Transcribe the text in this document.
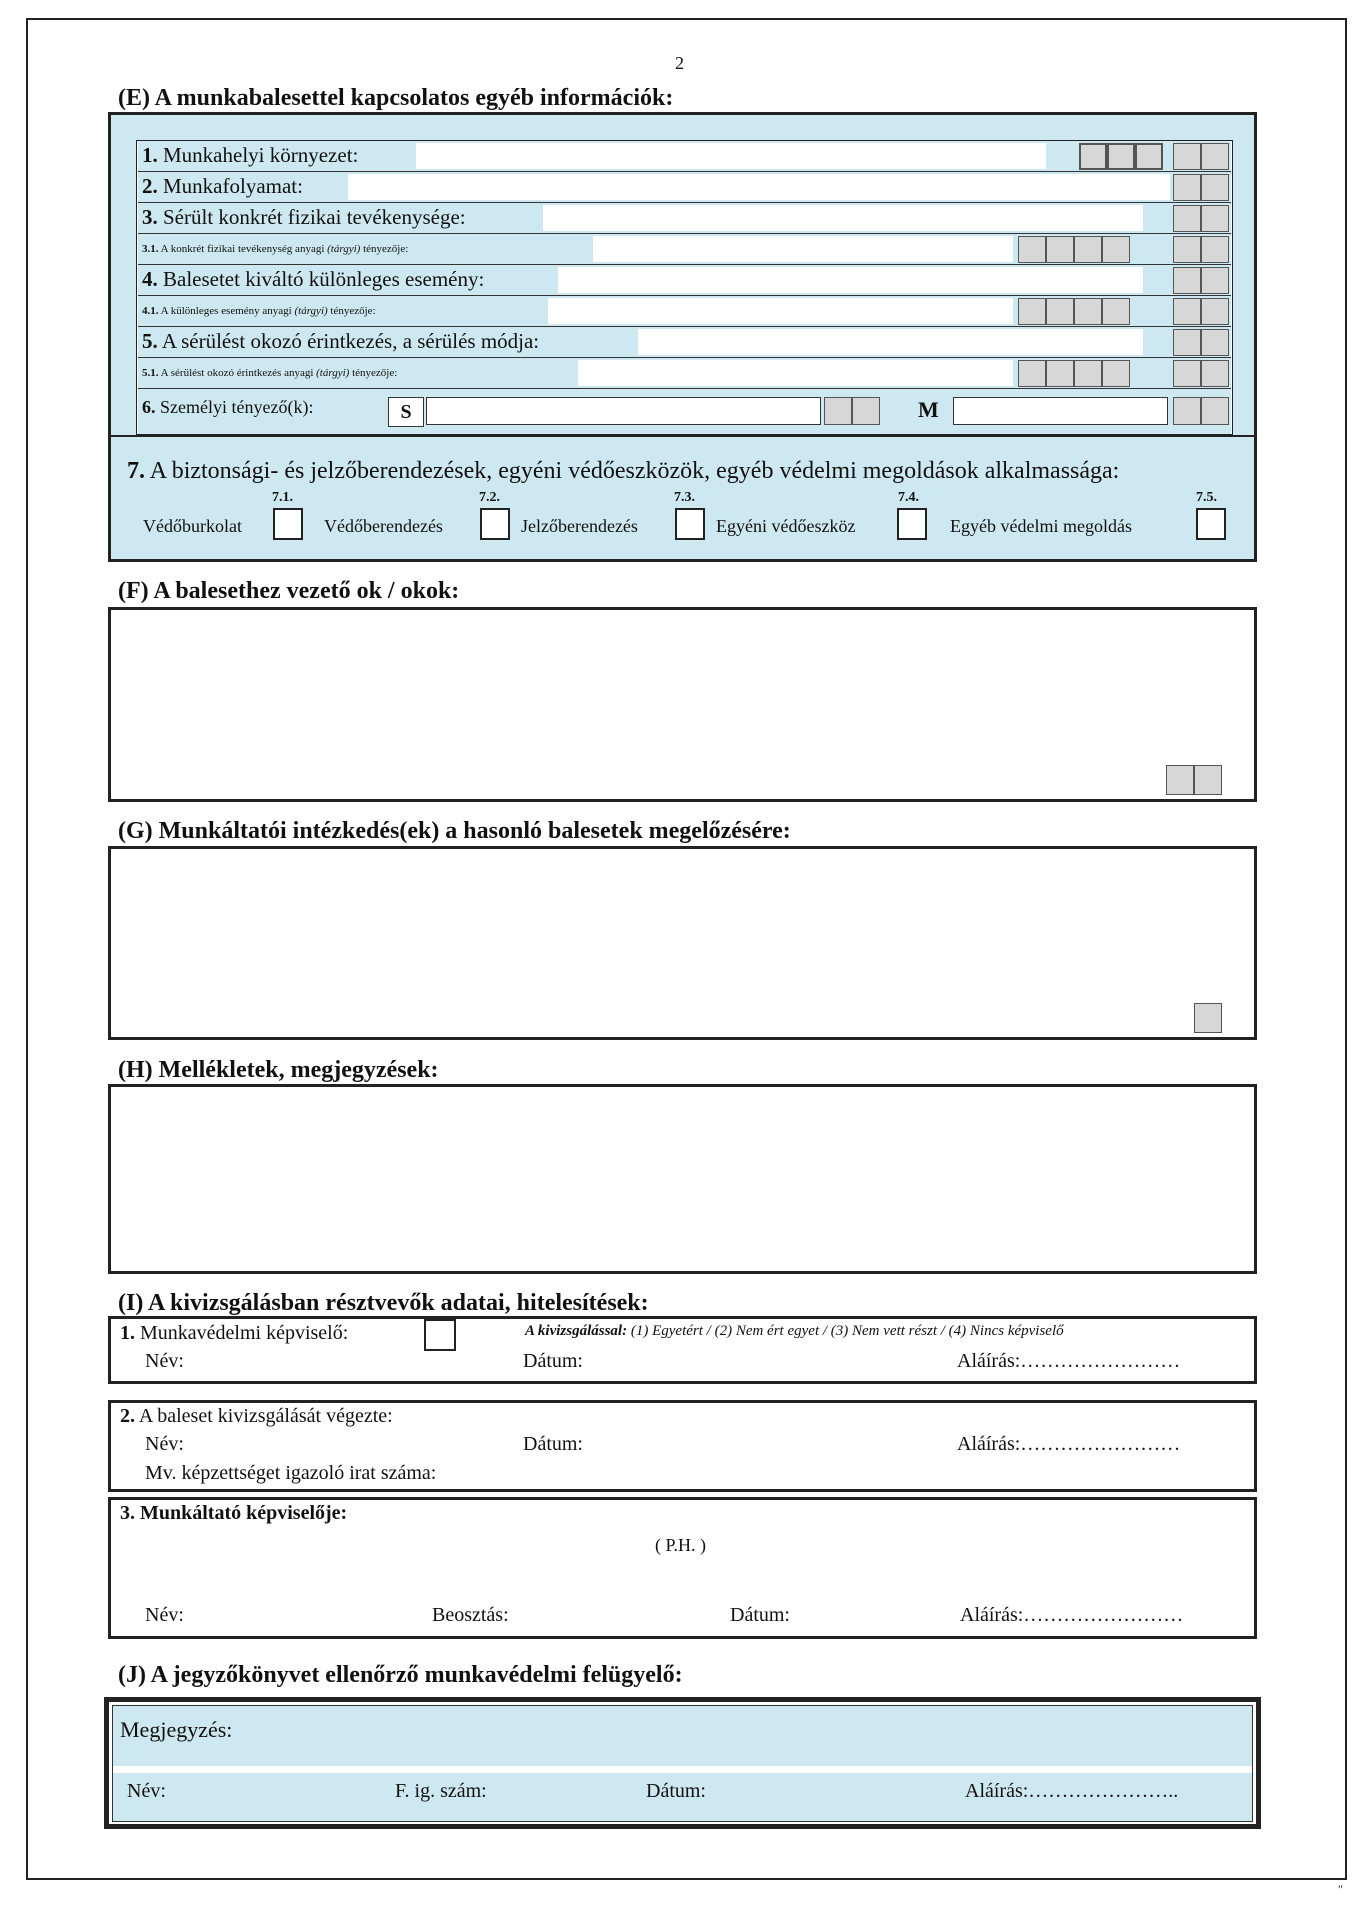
2
(E) A munkabalesettel kapcsolatos egyéb információk:
1. Munkahelyi környezet:
2. Munkafolyamat:
3. Sérült konkrét fizikai tevékenysége:
3.1. A konkrét fizikai tevékenység anyagi (tárgyi) tényezője:
4. Balesetet kiváltó különleges esemény:
4.1. A különleges esemény anyagi (tárgyi) tényezője:
5. A sérülést okozó érintkezés, a sérülés módja:
5.1. A sérülést okozó érintkezés anyagi (tárgyi) tényezője:
6. Személyi tényező(k):	S	M
7. A biztonsági- és jelzőberendezések, egyéni védőeszközök, egyéb védelmi megoldások alkalmassága:
7.1.
Védőburkolat
7.2.
Védőberendezés
7.3.
Jelzőberendezés
7.4.
Egyéni védőeszköz
7.5.
Egyéb védelmi megoldás
(F) A balesethez vezető ok / okok:
(G) Munkáltatói intézkedés(ek) a hasonló balesetek megelőzésére:
(H) Mellékletek, megjegyzések:
(I) A kivizsgálásban résztvevők adatai, hitelesítések:
1. Munkavédelmi képviselő:	A kivizsgálással: (1) Egyetért / (2) Nem ért egyet / (3) Nem vett részt / (4) Nincs képviselő
Név:	Dátum:	Aláírás:……………………
2. A baleset kivizsgálását végezte:
Név:	Dátum:	Aláírás:……………………
Mv. képzettséget igazoló irat száma:
3. Munkáltató képviselője:
( P.H. )
Név:	Beosztás:	Dátum:	Aláírás:……………………
(J) A jegyzőkönyvet ellenőrző munkavédelmi felügyelő:
Megjegyzés:
Név:	F. ig. szám:	Dátum:	Aláírás:…………………..
″
